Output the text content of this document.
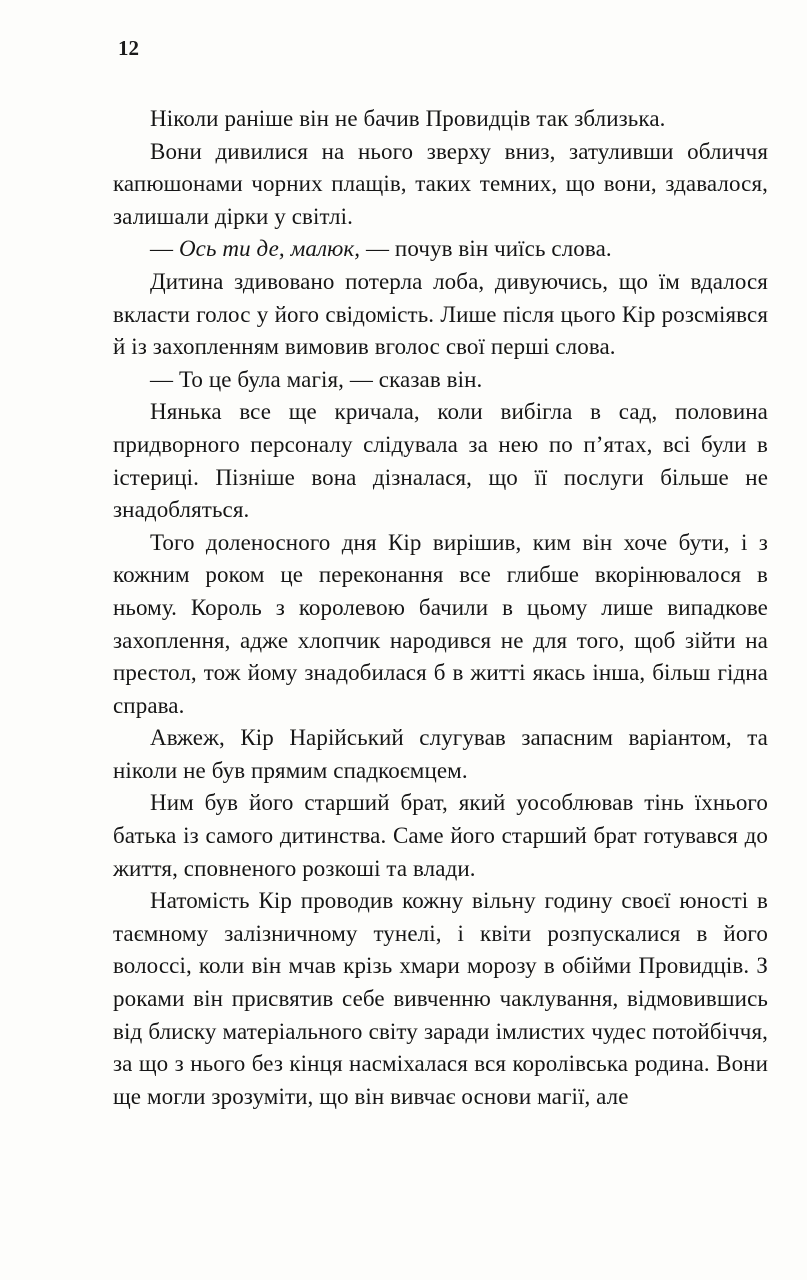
12

Ніколи раніше він не бачив Провидців так зблизька.

Вони дивилися на нього зверху вниз, затуливши обличчя капюшонами чорних плащів, таких темних, що вони, здавалося, залишали дірки у світлі.

— Ось ти де, малюк, — почув він чиїсь слова.

Дитина здивовано потерла лоба, дивуючись, що їм вдалося вкласти голос у його свідомість. Лише після цього Кір розсміявся й із захопленням вимовив вголос свої перші слова.

— То це була магія, — сказав він.

Нянька все ще кричала, коли вибігла в сад, половина придворного персоналу слідувала за нею по п’ятах, всі були в істериці. Пізніше вона дізналася, що її послуги більше не знадобляться.

Того доленосного дня Кір вирішив, ким він хоче бути, і з кожним роком це переконання все глибше вкорінювалося в ньому. Король з королевою бачили в цьому лише випадкове захоплення, адже хлопчик народився не для того, щоб зійти на престол, тож йому знадобилася б в житті якась інша, більш гідна справа.

Авжеж, Кір Нарійський слугував запасним варіантом, та ніколи не був прямим спадкоємцем.

Ним був його старший брат, який уособлював тінь їхнього батька із самого дитинства. Саме його старший брат готувався до життя, сповненого розкоші та влади.

Натомість Кір проводив кожну вільну годину своєї юності в таємному залізничному тунелі, і квіти розпускалися в його волоссі, коли він мчав крізь хмари морозу в обійми Провидців. З роками він присвятив себе вивченню чаклування, відмовившись від блиску матеріального світу заради імлистих чудес потойбіччя, за що з нього без кінця насміхалася вся королівська родина. Вони ще могли зрозуміти, що він вивчає основи магії, але
